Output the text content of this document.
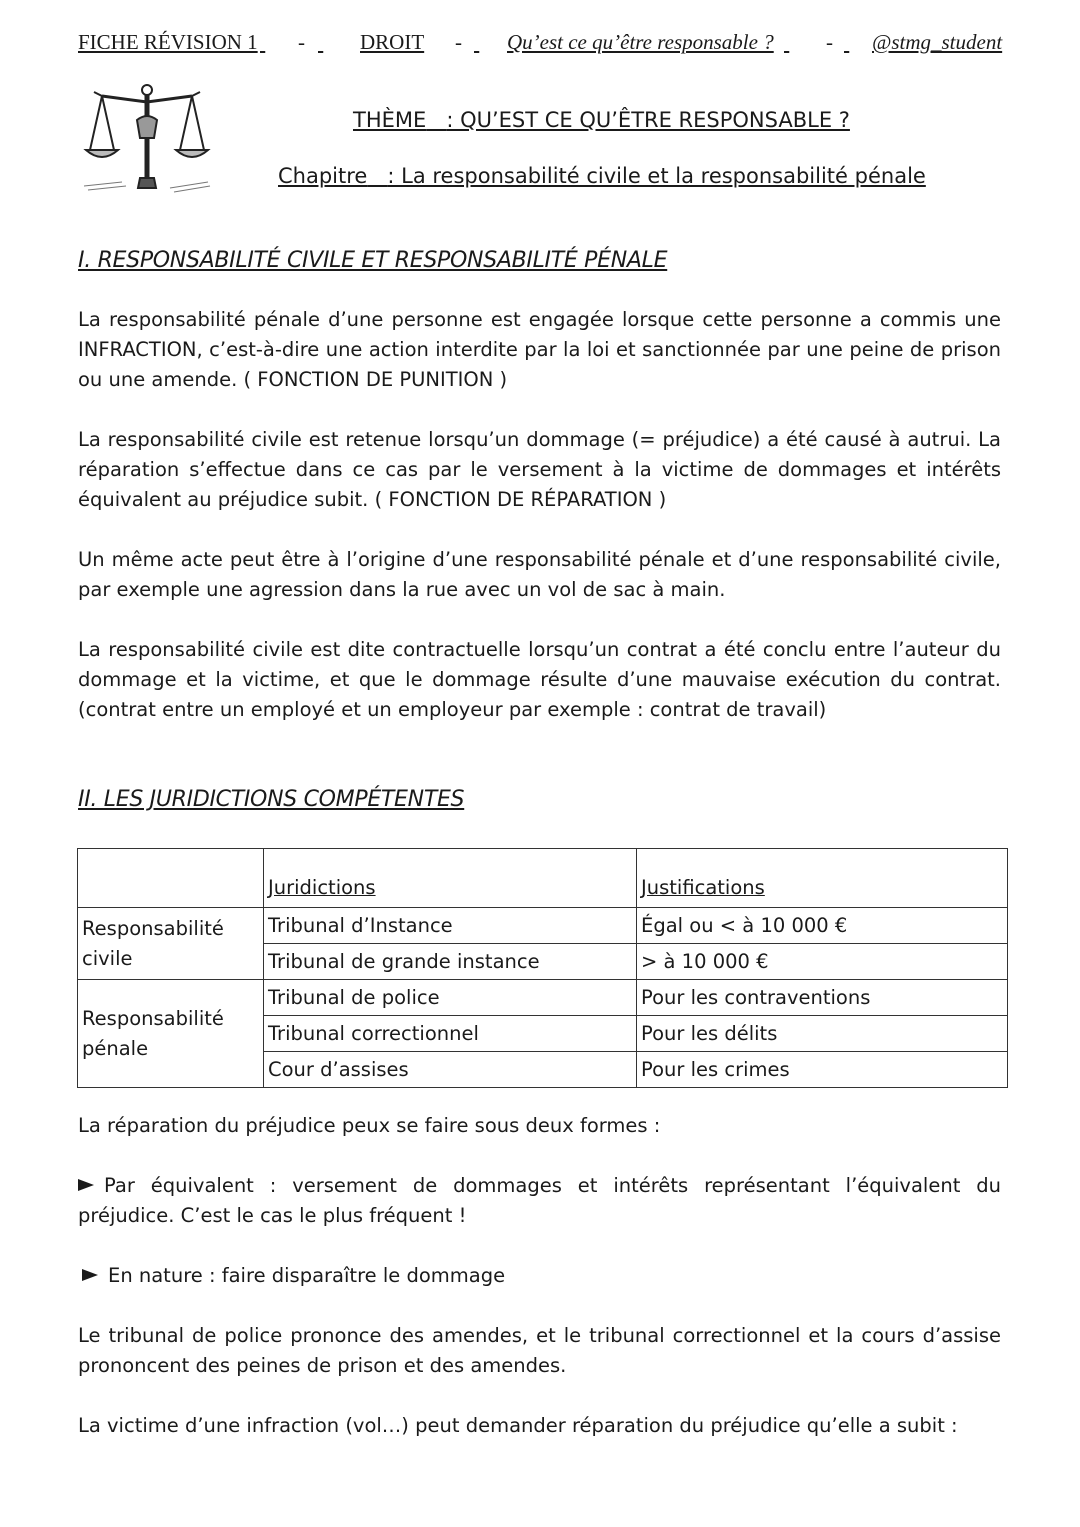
FICHE RÉVISION 1
-
	DROIT -
Qu’est ce qu’être responsable ?
-
@stmg_student
THÈME : QU’EST CE QU’ÊTRE RESPONSABLE ?
Chapitre : La responsabilité civile et la responsabilité pénale
I. RESPONSABILITÉ CIVILE ET RESPONSABILITÉ PÉNALE
La responsabilité pénale d’une personne est engagée lorsque cette personne a commis une INFRACTION, c’est-à-dire une action interdite par la loi et sanctionnée par une peine de prison ou une amende. ( FONCTION DE PUNITION )
La responsabilité civile est retenue lorsqu’un dommage (= préjudice) a été causé à autrui. La réparation s’effectue dans ce cas par le versement à la victime de dommages et intérêts équivalent au préjudice subit. ( FONCTION DE RÉPARATION )
Un même acte peut être à l’origine d’une responsabilité pénale et d’une responsabilité civile, par exemple une agression dans la rue avec un vol de sac à main.
La responsabilité civile est dite contractuelle lorsqu’un contrat a été conclu entre l’auteur du dommage et la victime, et que le dommage résulte d’une mauvaise exécution du contrat. (contrat entre un employé et un employeur par exemple : contrat de travail)
II. LES JURIDICTIONS COMPÉTENTES
	Juridictions	Justifications
Responsabilité civile	Tribunal d’Instance	Égal ou < à 10 000 €
	Tribunal de grande instance	> à 10 000 €
Responsabilité pénale	Tribunal de police	Pour les contraventions
	Tribunal correctionnel	Pour les délits
	Cour d’assises	Pour les crimes
La réparation du préjudice peux se faire sous deux formes :
Par équivalent : versement de dommages et intérêts représentant l’équivalent du préjudice. C’est le cas le plus fréquent !
En nature : faire disparaître le dommage
Le tribunal de police prononce des amendes, et le tribunal correctionnel et la cours d’assise prononcent des peines de prison et des amendes.
La victime d’une infraction (vol…) peut demander réparation du préjudice qu’elle a subit :
